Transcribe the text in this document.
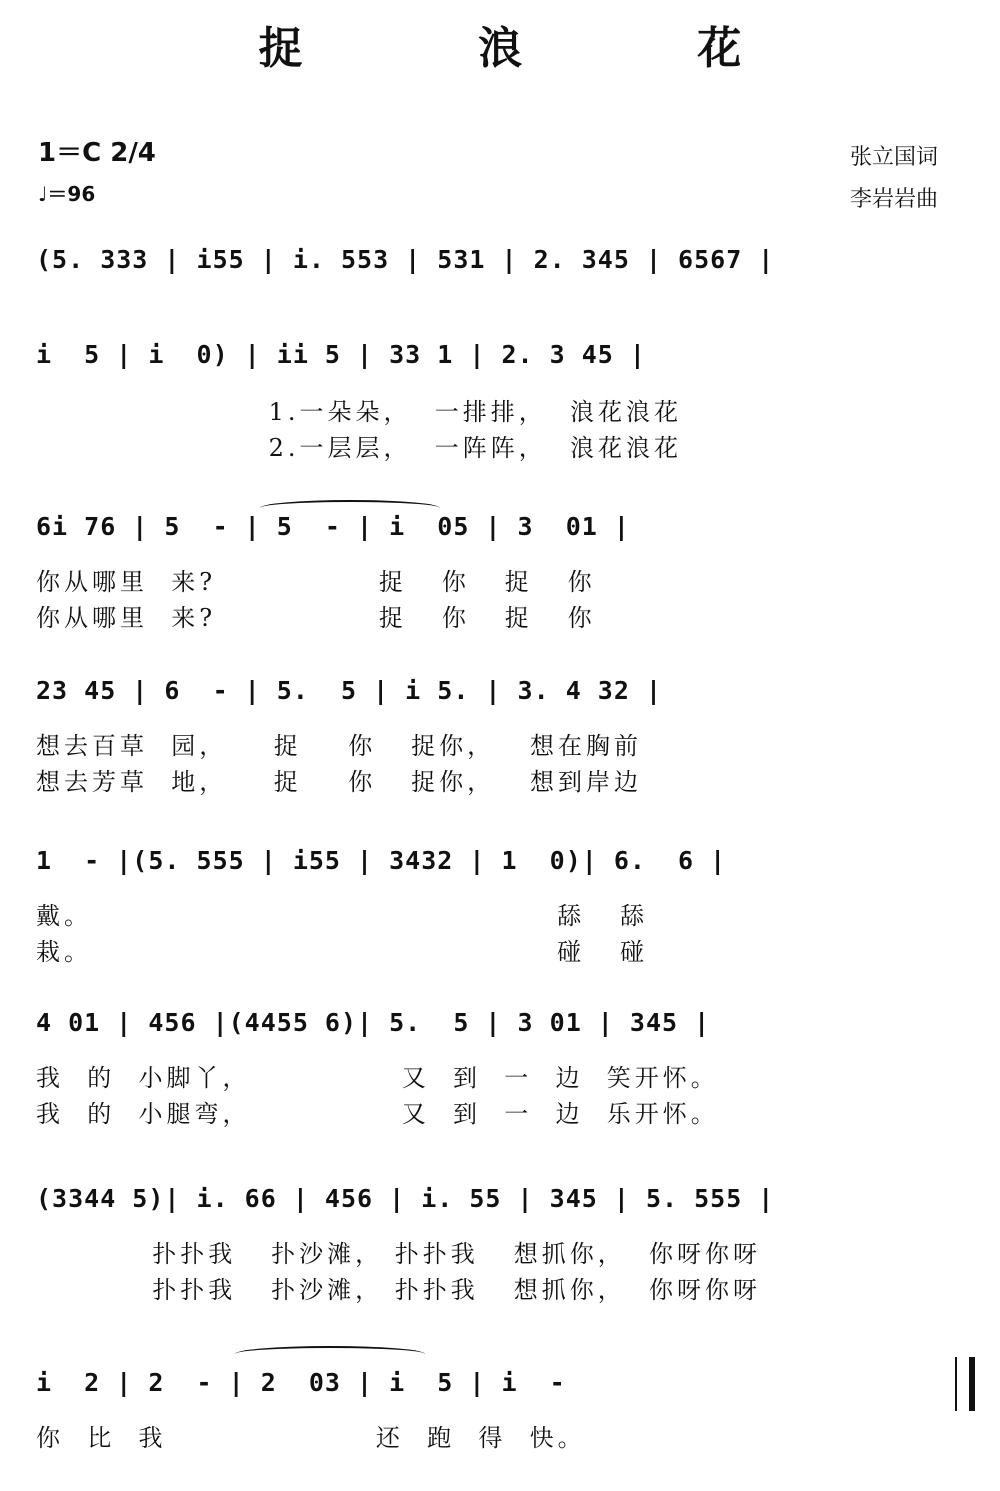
捉 浪 花
1＝C 2/4
♩＝96
张立国词
李岩岩曲
(5. 333 | i55 | i. 553 | 531 | 2. 345 | 6567 |
i  5 | i  0) | ii 5 | 33 1 | 2. 3 45 |
1.一朵朵，  一排排，  浪花浪花
2.一层层，  一阵阵，  浪花浪花
6i 76 | 5  - | 5  - | i  05 | 3  01 |
你从哪里  来?              捉   你   捉   你
你从哪里  来?              捉   你   捉   你
23 45 | 6  - | 5.  5 | i 5. | 3. 4 32 |
想去百草  园，    捉    你   捉你，   想在胸前
想去芳草  地，    捉    你   捉你，   想到岸边
1  - |(5. 555 | i55 | 3432 | 1  0)| 6.  6 |
戴。                                        舔   舔
栽。                                        碰   碰
4 01 | 456 |(4455 6)| 5.  5 | 3 01 | 345 |
我  的  小脚丫，             又  到  一  边  笑开怀。
我  的  小腿弯，             又  到  一  边  乐开怀。
(3344 5)| i. 66 | 456 | i. 55 | 345 | 5. 555 |
扑扑我   扑沙滩， 扑扑我   想抓你，  你呀你呀
扑扑我   扑沙滩， 扑扑我   想抓你，  你呀你呀
i  2 | 2  - | 2  03 | i  5 | i  -
你  比  我                  还  跑  得  快。
